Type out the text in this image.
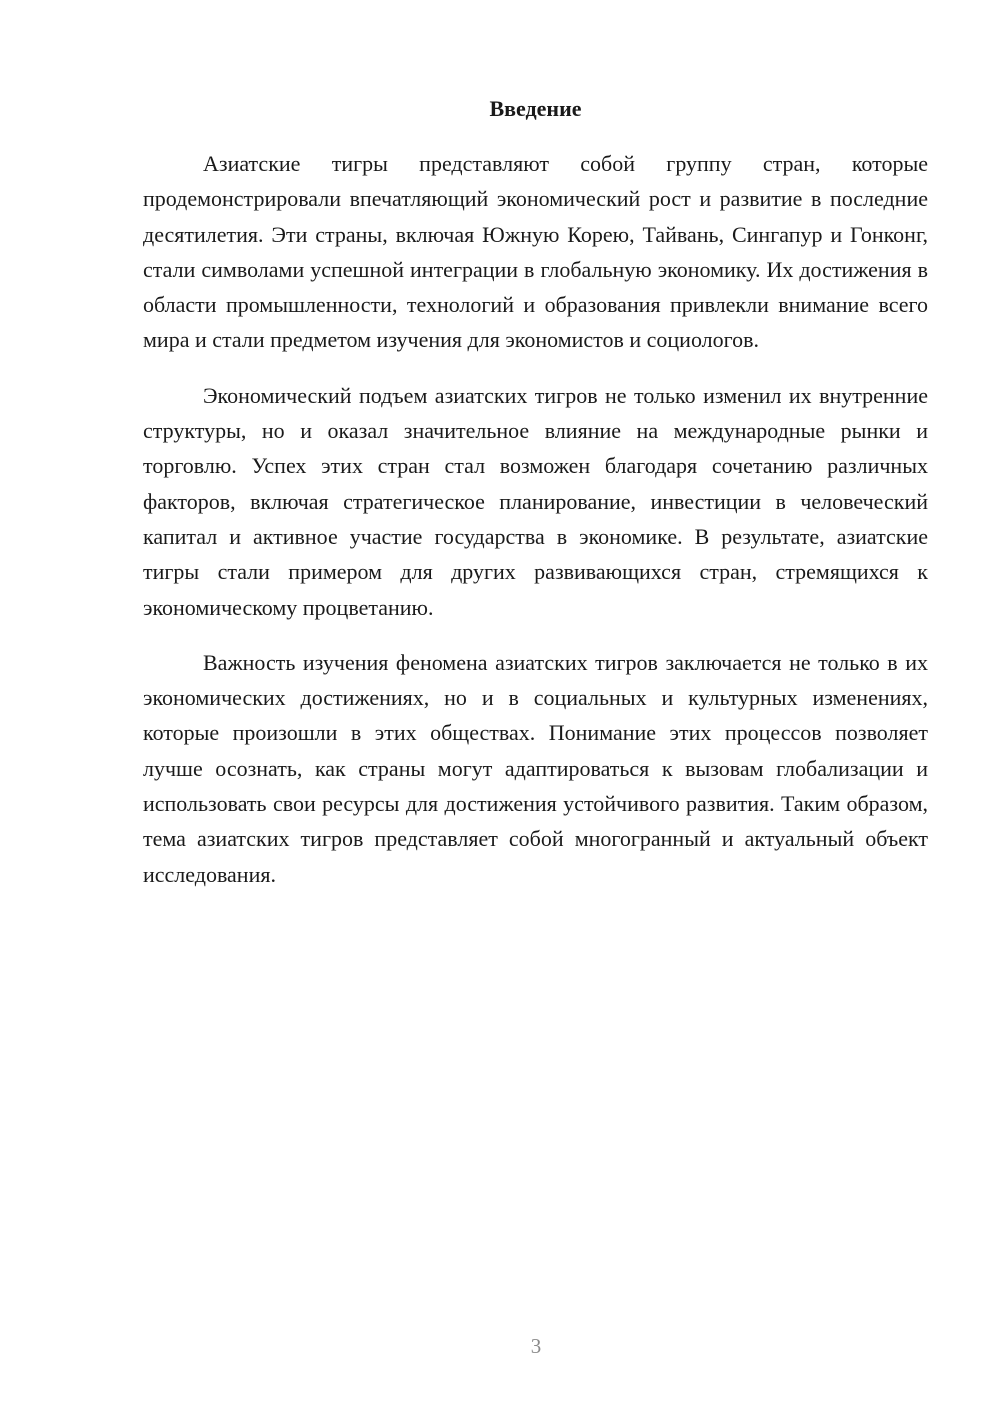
Введение

Азиатские тигры представляют собой группу стран, которые продемонстрировали впечатляющий экономический рост и развитие в последние десятилетия. Эти страны, включая Южную Корею, Тайвань, Сингапур и Гонконг, стали символами успешной интеграции в глобальную экономику. Их достижения в области промышленности, технологий и образования привлекли внимание всего мира и стали предметом изучения для экономистов и социологов.

Экономический подъем азиатских тигров не только изменил их внутренние структуры, но и оказал значительное влияние на международные рынки и торговлю. Успех этих стран стал возможен благодаря сочетанию различных факторов, включая стратегическое планирование, инвестиции в человеческий капитал и активное участие государства в экономике. В результате, азиатские тигры стали примером для других развивающихся стран, стремящихся к экономическому процветанию.

Важность изучения феномена азиатских тигров заключается не только в их экономических достижениях, но и в социальных и культурных изменениях, которые произошли в этих обществах. Понимание этих процессов позволяет лучше осознать, как страны могут адаптироваться к вызовам глобализации и использовать свои ресурсы для достижения устойчивого развития. Таким образом, тема азиатских тигров представляет собой многогранный и актуальный объект исследования.

3
